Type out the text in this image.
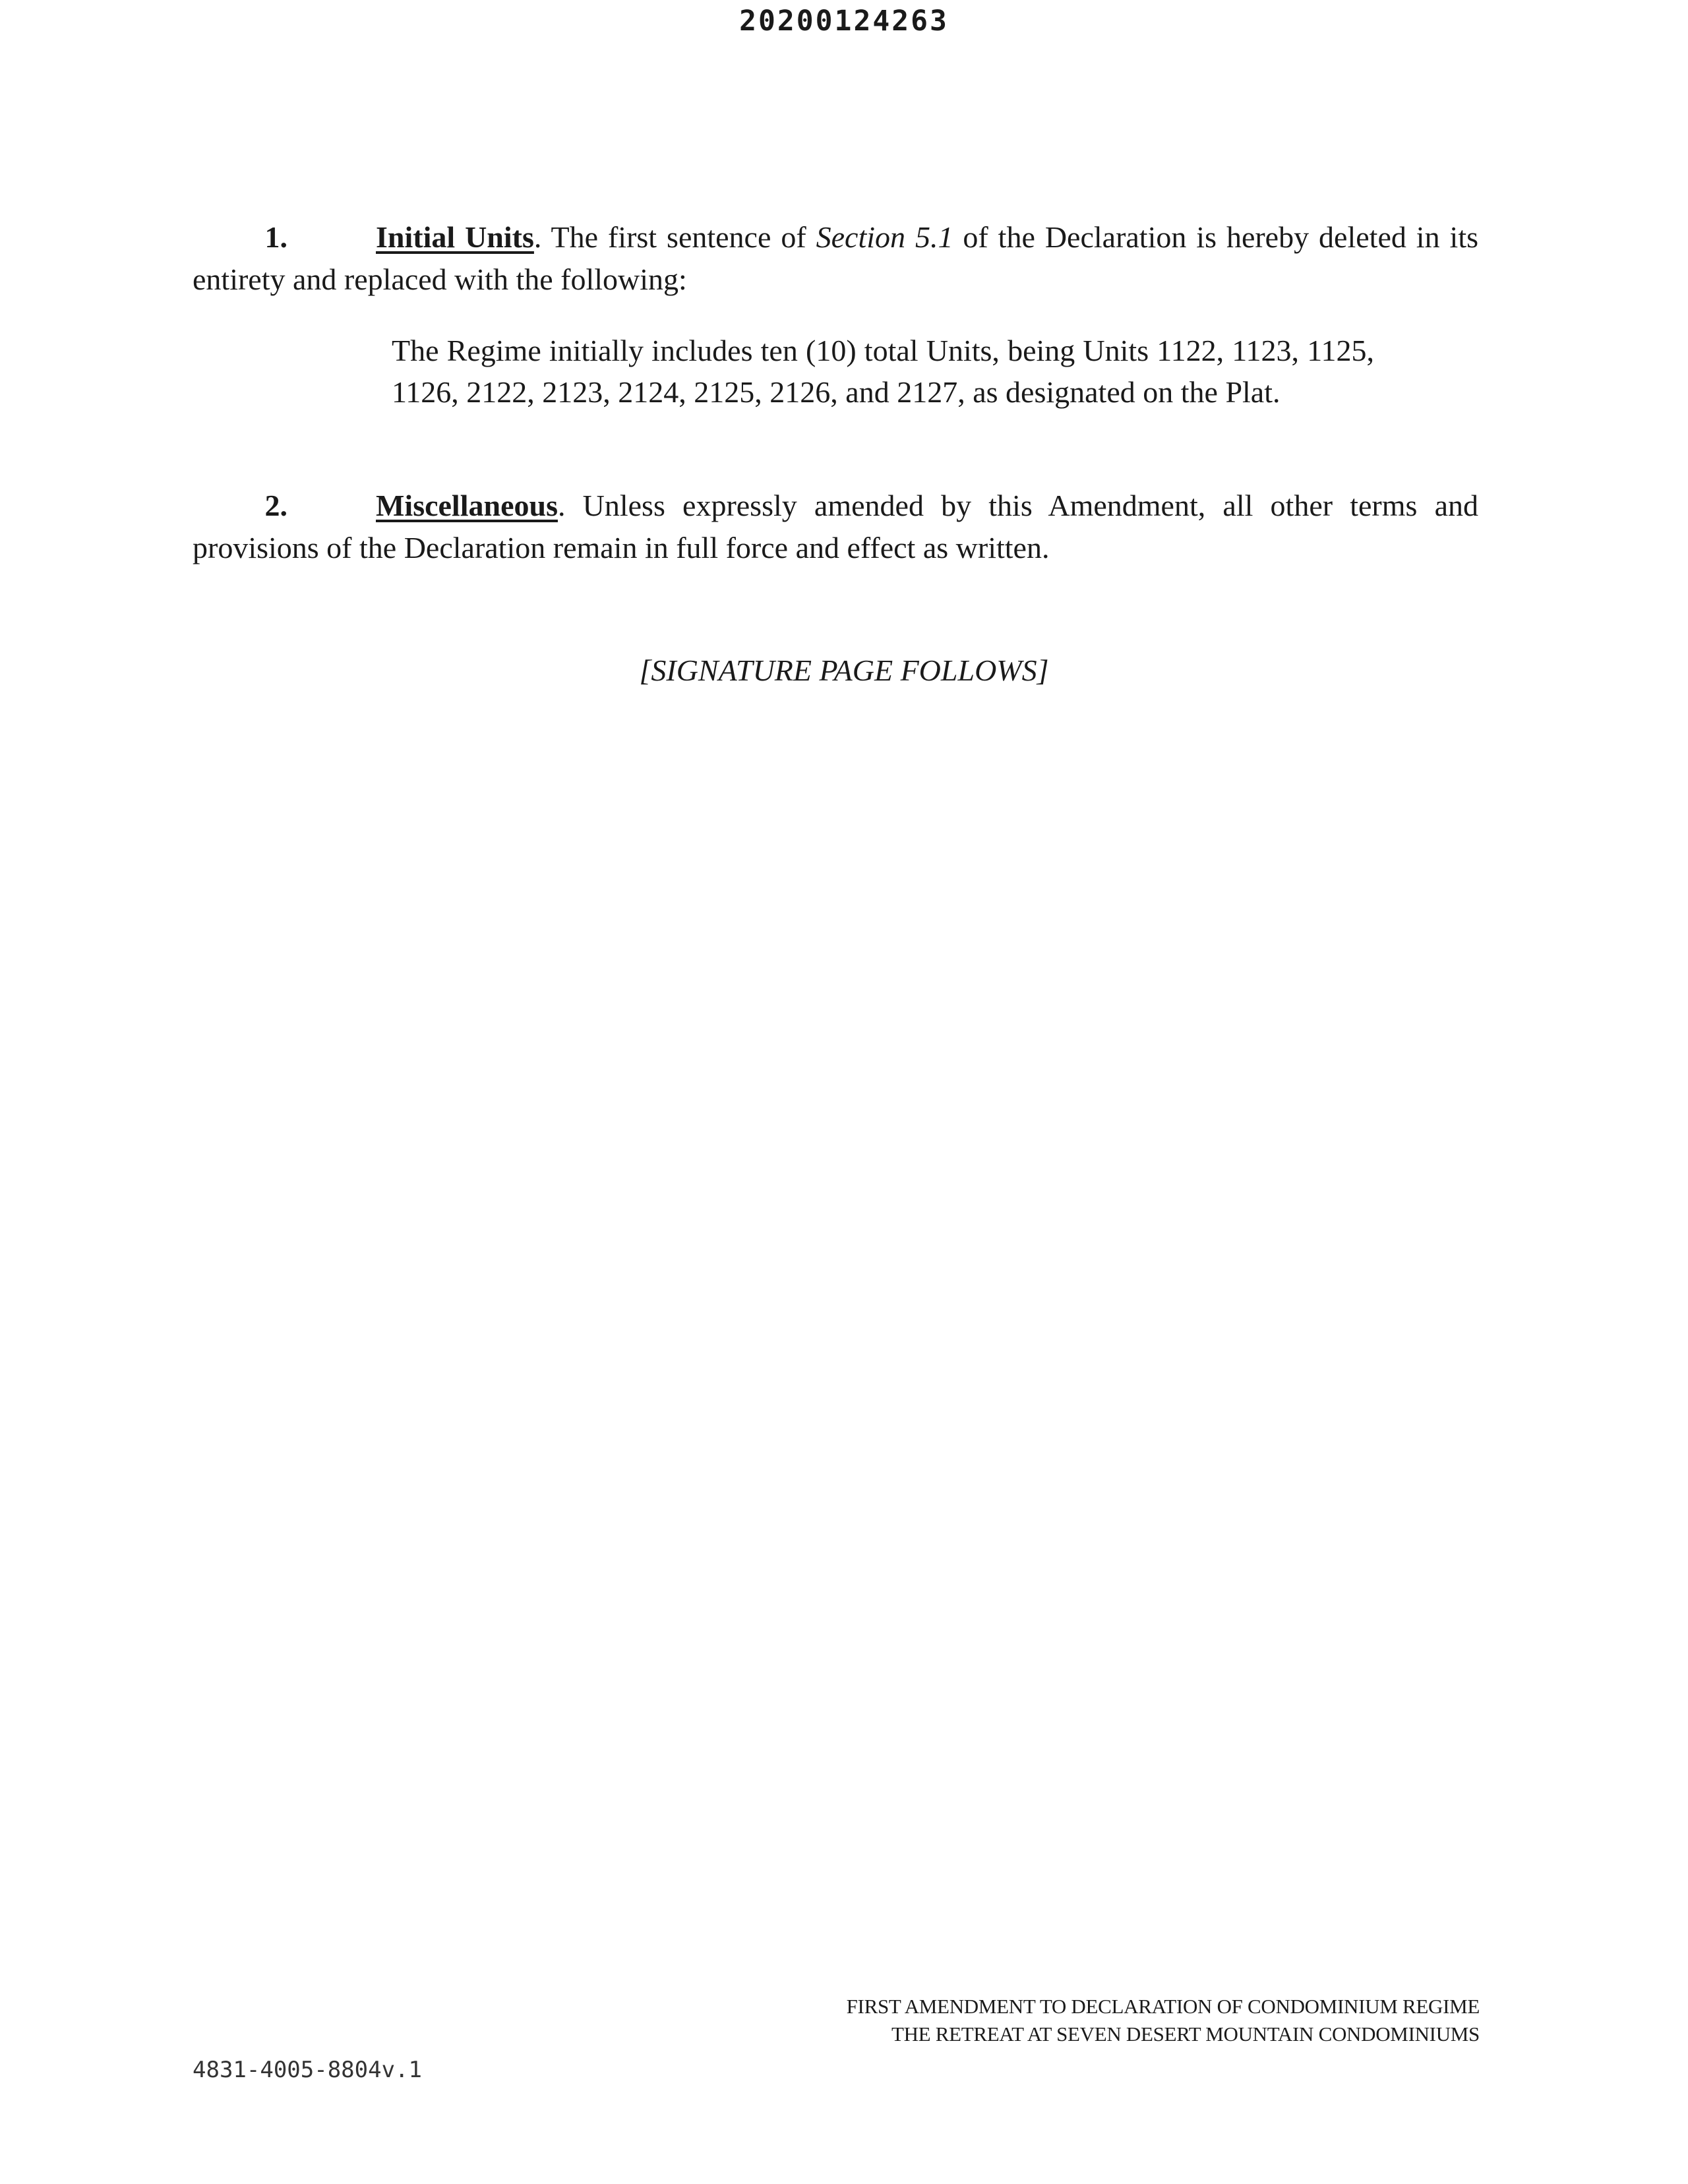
20200124263
1.	Initial Units. The first sentence of Section 5.1 of the Declaration is hereby deleted in its entirety and replaced with the following:
The Regime initially includes ten (10) total Units, being Units 1122, 1123, 1125, 1126, 2122, 2123, 2124, 2125, 2126, and 2127, as designated on the Plat.
2.	Miscellaneous. Unless expressly amended by this Amendment, all other terms and provisions of the Declaration remain in full force and effect as written.
[SIGNATURE PAGE FOLLOWS]
FIRST AMENDMENT TO DECLARATION OF CONDOMINIUM REGIME
THE RETREAT AT SEVEN DESERT MOUNTAIN CONDOMINIUMS
4831-4005-8804v.1
